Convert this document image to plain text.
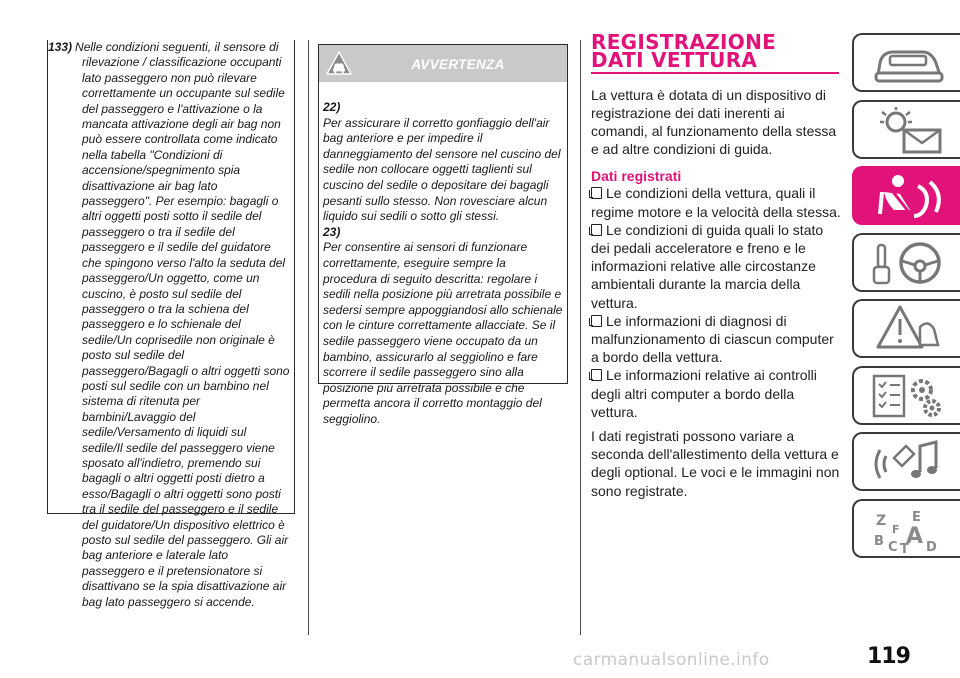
133) Nelle condizioni seguenti, il sensore di rilevazione / classificazione occupanti lato passeggero non può rilevare correttamente un occupante sul sedile del passeggero e l'attivazione o la mancata attivazione degli air bag non può essere controllata come indicato nella tabella "Condizioni di accensione/spegnimento spia disattivazione air bag lato passeggero". Per esempio: bagagli o altri oggetti posti sotto il sedile del passeggero o tra il sedile del passeggero e il sedile del guidatore che spingono verso l'alto la seduta del passeggero/Un oggetto, come un cuscino, è posto sul sedile del passeggero o tra la schiena del passeggero e lo schienale del sedile/Un coprisedile non originale è posto sul sedile del passeggero/Bagagli o altri oggetti sono posti sul sedile con un bambino nel sistema di ritenuta per bambini/Lavaggio del sedile/Versamento di liquidi sul sedile/Il sedile del passeggero viene sposato all'indietro, premendo sui bagagli o altri oggetti posti dietro a esso/Bagagli o altri oggetti sono posti tra il sedile del passeggero e il sedile del guidatore/Un dispositivo elettrico è posto sul sedile del passeggero. Gli air bag anteriore e laterale lato passeggero e il pretensionatore si disattivano se la spia disattivazione air bag lato passeggero si accende.

AVVERTENZA

22)
Per assicurare il corretto gonfiaggio dell'air bag anteriore e per impedire il danneggiamento del sensore nel cuscino del sedile non collocare oggetti taglienti sul cuscino del sedile o depositare dei bagagli pesanti sullo stesso. Non rovesciare alcun liquido sui sedili o sotto gli stessi.

23)
Per consentire ai sensori di funzionare correttamente, eseguire sempre la procedura di seguito descritta: regolare i sedili nella posizione più arretrata possibile e sedersi sempre appoggiandosi allo schienale con le cinture correttamente allacciate. Se il sedile passeggero viene occupato da un bambino, assicurarlo al seggiolino e fare scorrere il sedile passeggero sino alla posizione più arretrata possibile e che permetta ancora il corretto montaggio del seggiolino.

REGISTRAZIONE
DATI VETTURA

La vettura è dotata di un dispositivo di registrazione dei dati inerenti ai comandi, al funzionamento della stessa e ad altre condizioni di guida.

Dati registrati

Le condizioni della vettura, quali il regime motore e la velocità della stessa.

Le condizioni di guida quali lo stato dei pedali acceleratore e freno e le informazioni relative alle circostanze ambientali durante la marcia della vettura.

Le informazioni di diagnosi di malfunzionamento di ciascun computer a bordo della vettura.

Le informazioni relative ai controlli degli altri computer a bordo della vettura.

I dati registrati possono variare a seconda dell'allestimento della vettura e degli optional. Le voci e le immagini non sono registrate.

Z E
B A
C T D
F
carmanualsonline.info	119
